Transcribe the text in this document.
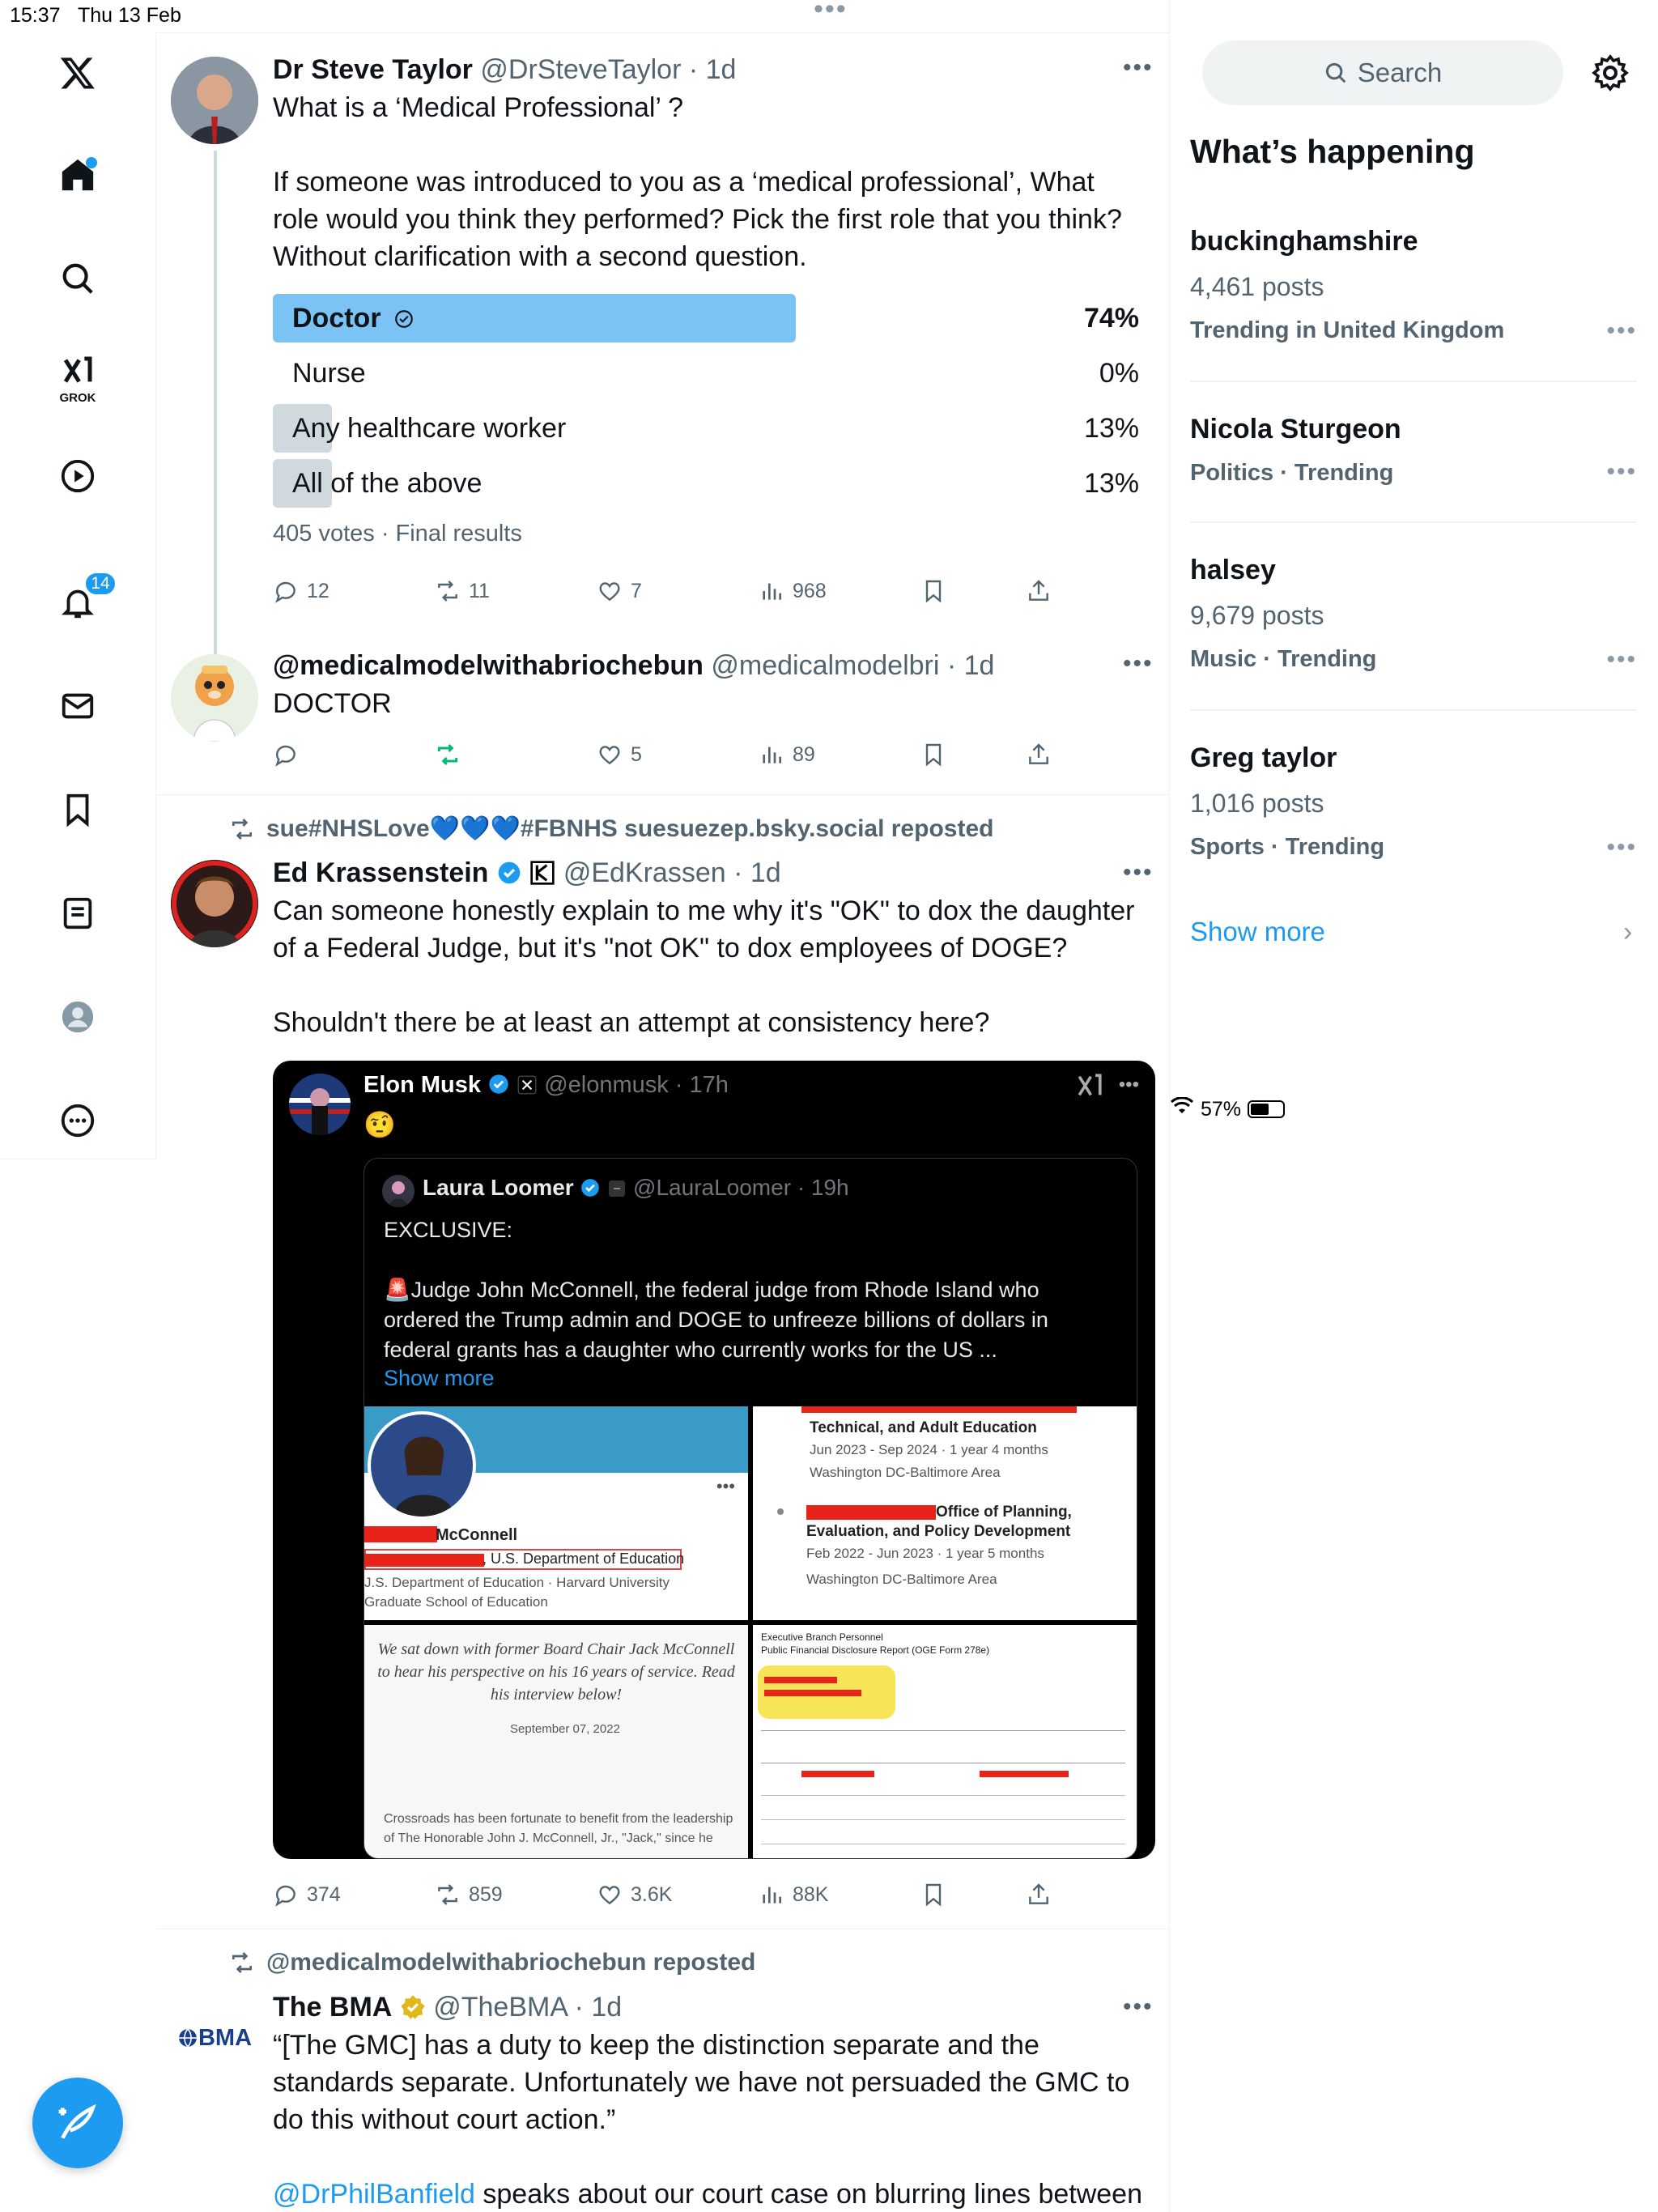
15:37 Thu 13 Feb
57%
GROK
14
•••
Dr Steve Taylor @DrSteveTaylor · 1d
What is a ‘Medical Professional’ ?

If someone was introduced to you as a ‘medical professional’, What role would you think they performed? Pick the first role that you think? Without clarification with a second question.
•••
Doctor	74%
Nurse	0%
Any healthcare worker	13%
All of the above	13%
405 votes · Final results
12	11	7	968
@medicalmodelwithabriochebun @medicalmodelbri · 1d
DOCTOR
•••
5	89
sue#NHSLove💙💙💙#FBNHS suesuezep.bsky.social reposted
Ed Krassenstein	@EdKrassen · 1d
Can someone honestly explain to me why it's "OK" to dox the daughter of a Federal Judge, but it's "not OK" to dox employees of DOGE?

Shouldn't there be at least an attempt at consistency here?
•••
Elon Musk	@elonmusk · 17h
🤨
•••
Laura Loomer	@LauraLoomer · 19h
EXCLUSIVE:

🚨Judge John McConnell, the federal judge from Rhode Island who ordered the Trump admin and DOGE to unfreeze billions of dollars in federal grants has a daughter who currently works for the US ...
Show more
•••
McConnell
, U.S. Department of Education
J.S. Department of Education · Harvard University
Graduate School of Education
Technical, and Adult Education
Jun 2023 - Sep 2024 · 1 year 4 months
Washington DC-Baltimore Area
Office of Planning,
Evaluation, and Policy Development
Feb 2022 - Jun 2023 · 1 year 5 months
Washington DC-Baltimore Area
We sat down with former Board Chair Jack McConnell to hear his perspective on his 16 years of service. Read his interview below!
September 07, 2022
Crossroads has been fortunate to benefit from the leadership of The Honorable John J. McConnell, Jr., "Jack," since he
Executive Branch Personnel
Public Financial Disclosure Report (OGE Form 278e)
374	859	3.6K	88K
@medicalmodelwithabriochebun reposted
BMA
The BMA @TheBMA · 1d
“[The GMC] has a duty to keep the distinction separate and the standards separate. Unfortunately we have not persuaded the GMC to do this without court action.”
@DrPhilBanfield speaks about our court case on blurring lines between
•••
Search
What’s happening
buckinghamshire
4,461 posts
Trending in United Kingdom	•••
Nicola Sturgeon
Politics · Trending	•••
halsey
9,679 posts
Music · Trending	•••
Greg taylor
1,016 posts
Sports · Trending	•••
Show more	›
